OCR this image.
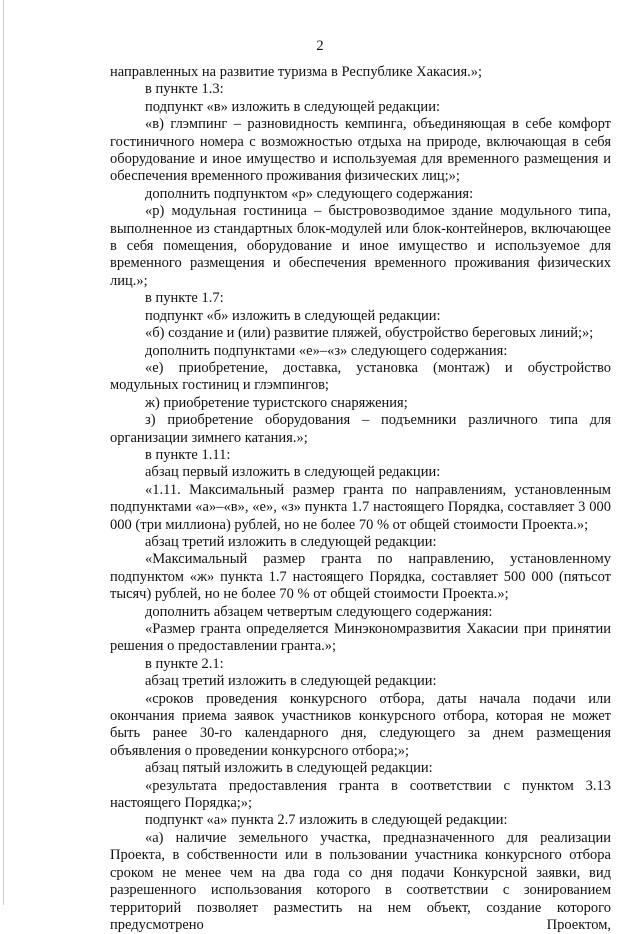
2

направленных на развитие туризма в Республике Хакасия.»;

в пункте 1.3:

подпункт «в» изложить в следующей редакции:

«в) глэмпинг – разновидность кемпинга, объединяющая в себе комфорт гостиничного номера с возможностью отдыха на природе, включающая в себя оборудование и иное имущество и используемая для временного размещения и обеспечения временного проживания физических лиц;»;

дополнить подпунктом «р» следующего содержания:

«р) модульная гостиница – быстровозводимое здание модульного типа, выполненное из стандартных блок-модулей или блок-контейнеров, включающее в себя помещения, оборудование и иное имущество и используемое для временного размещения и обеспечения временного проживания физических лиц.»;

в пункте 1.7:

подпункт «б» изложить в следующей редакции:

«б) создание и (или) развитие пляжей, обустройство береговых линий;»;

дополнить подпунктами «е»–«з» следующего содержания:

«е) приобретение, доставка, установка (монтаж) и обустройство модульных гостиниц и глэмпингов;

ж) приобретение туристского снаряжения;

з) приобретение оборудования – подъемники различного типа для организации зимнего катания.»;

в пункте 1.11:

абзац первый изложить в следующей редакции:

«1.11. Максимальный размер гранта по направлениям, установленным подпунктами «а»–«в», «е», «з» пункта 1.7 настоящего Порядка, составляет 3 000 000 (три миллиона) рублей, но не более 70 % от общей стоимости Проекта.»;

абзац третий изложить в следующей редакции:

«Максимальный размер гранта по направлению, установленному подпунктом «ж» пункта 1.7 настоящего Порядка, составляет 500 000 (пятьсот тысяч) рублей, но не более 70 % от общей стоимости Проекта.»;

дополнить абзацем четвертым следующего содержания:

«Размер гранта определяется Минэкономразвития Хакасии при принятии решения о предоставлении гранта.»;

в пункте 2.1:

абзац третий изложить в следующей редакции:

«сроков проведения конкурсного отбора, даты начала подачи или окончания приема заявок участников конкурсного отбора, которая не может быть ранее 30-го календарного дня, следующего за днем размещения объявления о проведении конкурсного отбора;»;

абзац пятый изложить в следующей редакции:

«результата предоставления гранта в соответствии с пунктом 3.13 настоящего Порядка;»;

подпункт «а» пункта 2.7 изложить в следующей редакции:

«а) наличие земельного участка, предназначенного для реализации Проекта, в собственности или в пользовании участника конкурсного отбора сроком не менее чем на два года со дня подачи Конкурсной заявки, вид разрешенного использования которого в соответствии с зонированием территорий позволяет разместить на нем объект, создание которого предусмотрено Проектом,
